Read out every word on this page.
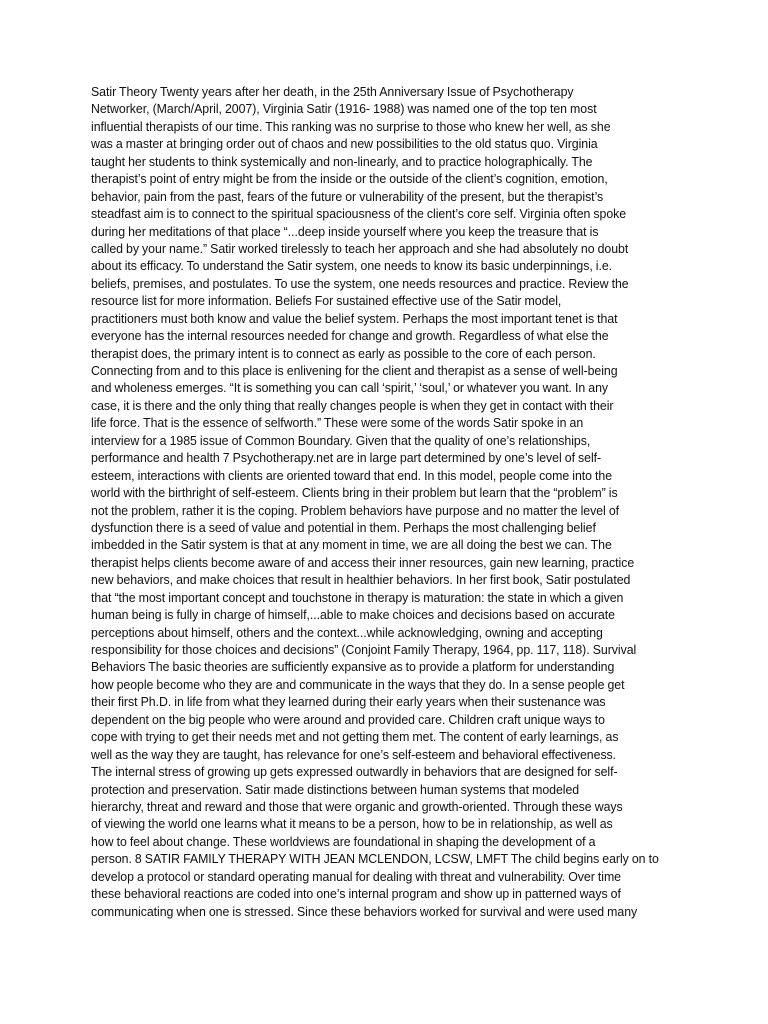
Satir Theory Twenty years after her death, in the 25th Anniversary Issue of Psychotherapy
Networker, (March/April, 2007), Virginia Satir (1916- 1988) was named one of the top ten most
influential therapists of our time. This ranking was no surprise to those who knew her well, as she
was a master at bringing order out of chaos and new possibilities to the old status quo. Virginia
taught her students to think systemically and non-linearly, and to practice holographically. The
therapist’s point of entry might be from the inside or the outside of the client’s cognition, emotion,
behavior, pain from the past, fears of the future or vulnerability of the present, but the therapist’s
steadfast aim is to connect to the spiritual spaciousness of the client’s core self. Virginia often spoke
during her meditations of that place “...deep inside yourself where you keep the treasure that is
called by your name.” Satir worked tirelessly to teach her approach and she had absolutely no doubt
about its efficacy. To understand the Satir system, one needs to know its basic underpinnings, i.e.
beliefs, premises, and postulates. To use the system, one needs resources and practice. Review the
resource list for more information. Beliefs For sustained effective use of the Satir model,
practitioners must both know and value the belief system. Perhaps the most important tenet is that
everyone has the internal resources needed for change and growth. Regardless of what else the
therapist does, the primary intent is to connect as early as possible to the core of each person.
Connecting from and to this place is enlivening for the client and therapist as a sense of well-being
and wholeness emerges. “It is something you can call ‘spirit,’ ‘soul,’ or whatever you want. In any
case, it is there and the only thing that really changes people is when they get in contact with their
life force. That is the essence of selfworth.” These were some of the words Satir spoke in an
interview for a 1985 issue of Common Boundary. Given that the quality of one’s relationships,
performance and health 7 Psychotherapy.net are in large part determined by one’s level of self-
esteem, interactions with clients are oriented toward that end. In this model, people come into the
world with the birthright of self-esteem. Clients bring in their problem but learn that the “problem” is
not the problem, rather it is the coping. Problem behaviors have purpose and no matter the level of
dysfunction there is a seed of value and potential in them. Perhaps the most challenging belief
imbedded in the Satir system is that at any moment in time, we are all doing the best we can. The
therapist helps clients become aware of and access their inner resources, gain new learning, practice
new behaviors, and make choices that result in healthier behaviors. In her first book, Satir postulated
that “the most important concept and touchstone in therapy is maturation: the state in which a given
human being is fully in charge of himself,...able to make choices and decisions based on accurate
perceptions about himself, others and the context...while acknowledging, owning and accepting
responsibility for those choices and decisions” (Conjoint Family Therapy, 1964, pp. 117, 118). Survival
Behaviors The basic theories are sufficiently expansive as to provide a platform for understanding
how people become who they are and communicate in the ways that they do. In a sense people get
their first Ph.D. in life from what they learned during their early years when their sustenance was
dependent on the big people who were around and provided care. Children craft unique ways to
cope with trying to get their needs met and not getting them met. The content of early learnings, as
well as the way they are taught, has relevance for one’s self-esteem and behavioral effectiveness.
The internal stress of growing up gets expressed outwardly in behaviors that are designed for self-
protection and preservation. Satir made distinctions between human systems that modeled
hierarchy, threat and reward and those that were organic and growth-oriented. Through these ways
of viewing the world one learns what it means to be a person, how to be in relationship, as well as
how to feel about change. These worldviews are foundational in shaping the development of a
person. 8 SATIR FAMILY THERAPY WITH JEAN MCLENDON, LCSW, LMFT The child begins early on to
develop a protocol or standard operating manual for dealing with threat and vulnerability. Over time
these behavioral reactions are coded into one’s internal program and show up in patterned ways of
communicating when one is stressed. Since these behaviors worked for survival and were used many
